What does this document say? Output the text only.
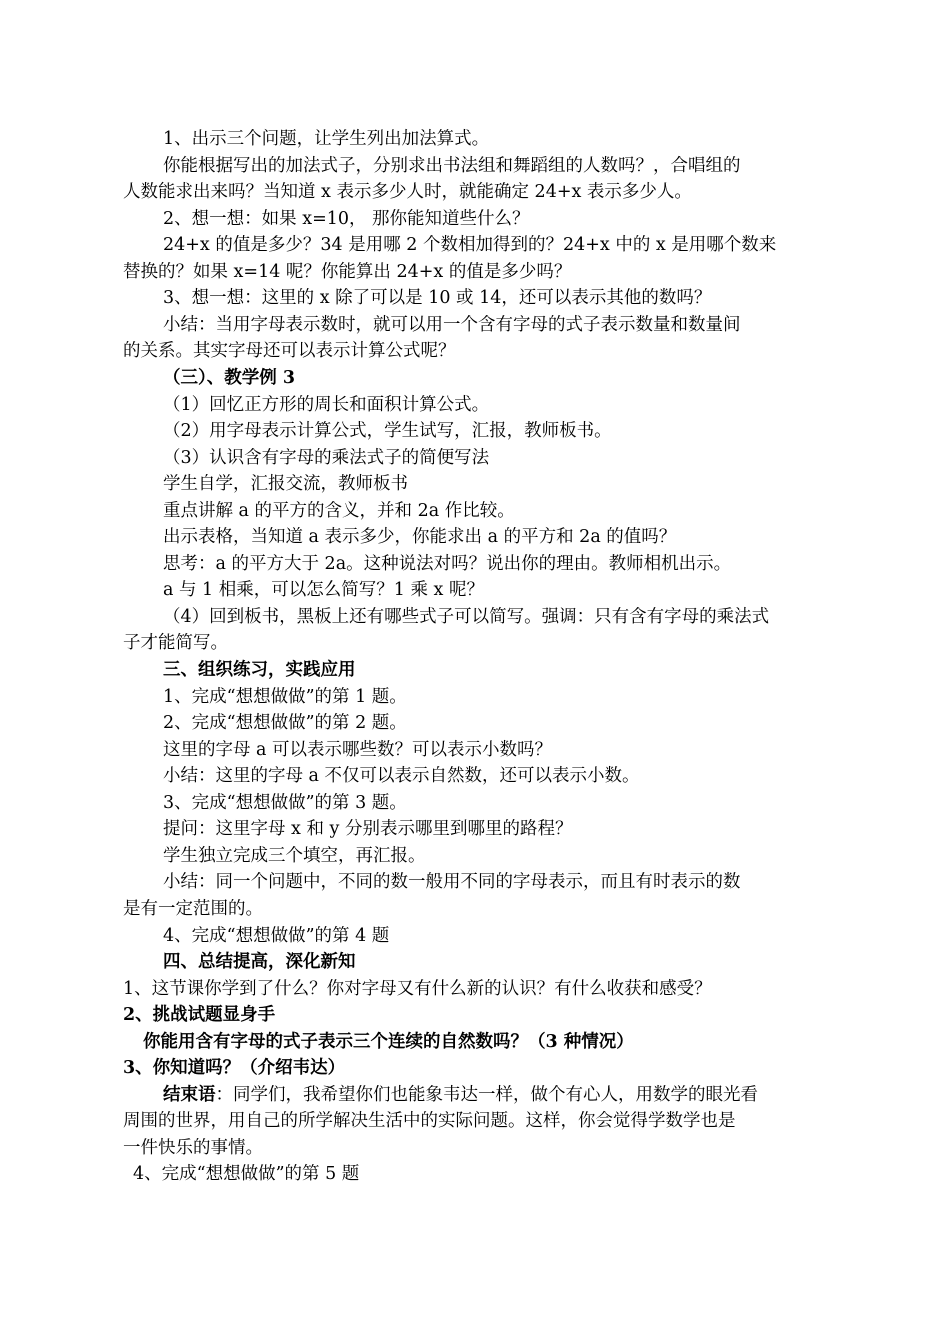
1、出示三个问题，让学生列出加法算式。
你能根据写出的加法式子，分别求出书法组和舞蹈组的人数吗？，合唱组的
人数能求出来吗？当知道 x 表示多少人时，就能确定 24+x 表示多少人。
2、想一想：如果 x=10， 那你能知道些什么？
24+x 的值是多少？34 是用哪 2 个数相加得到的？24+x 中的 x 是用哪个数来
替换的？如果 x=14 呢？你能算出 24+x 的值是多少吗？
3、想一想：这里的 x 除了可以是 10 或 14，还可以表示其他的数吗？
小结：当用字母表示数时，就可以用一个含有字母的式子表示数量和数量间
的关系。其实字母还可以表示计算公式呢？
（三）、教学例 3
（1）回忆正方形的周长和面积计算公式。
（2）用字母表示计算公式，学生试写，汇报，教师板书。
（3）认识含有字母的乘法式子的简便写法
学生自学，汇报交流，教师板书
重点讲解 a 的平方的含义，并和 2a 作比较。
出示表格，当知道 a 表示多少，你能求出 a 的平方和 2a 的值吗？
思考：a 的平方大于 2a。这种说法对吗？说出你的理由。教师相机出示。
a 与 1 相乘，可以怎么简写？1 乘 x 呢？
（4）回到板书，黑板上还有哪些式子可以简写。强调：只有含有字母的乘法式
子才能简写。
三、组织练习，实践应用
1、完成“想想做做”的第 1 题。
2、完成“想想做做”的第 2 题。
这里的字母 a 可以表示哪些数？可以表示小数吗？
小结：这里的字母 a 不仅可以表示自然数，还可以表示小数。
3、完成“想想做做”的第 3 题。
提问：这里字母 x 和 y 分别表示哪里到哪里的路程？
学生独立完成三个填空，再汇报。
小结：同一个问题中，不同的数一般用不同的字母表示，而且有时表示的数
是有一定范围的。
4、完成“想想做做”的第 4 题
四、总结提高，深化新知
1、这节课你学到了什么？你对字母又有什么新的认识？有什么收获和感受？
2、挑战试题显身手
你能用含有字母的式子表示三个连续的自然数吗？（3 种情况）
3、你知道吗？（介绍韦达）
结束语：同学们，我希望你们也能象韦达一样，做个有心人，用数学的眼光看
周围的世界，用自己的所学解决生活中的实际问题。这样，你会觉得学数学也是
一件快乐的事情。
4、完成“想想做做”的第 5 题
